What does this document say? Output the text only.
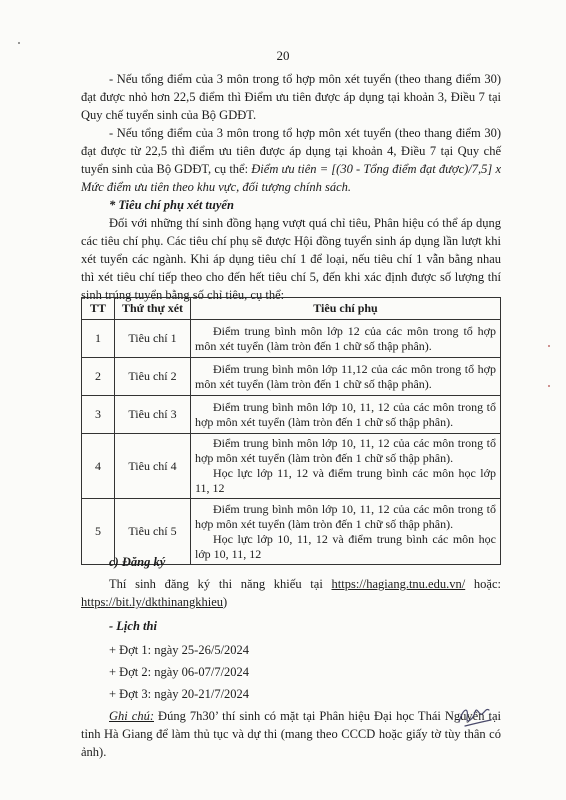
20

- Nếu tổng điểm của 3 môn trong tổ hợp môn xét tuyển (theo thang điểm 30) đạt được nhỏ hơn 22,5 điểm thì Điểm ưu tiên được áp dụng tại khoản 3, Điều 7 tại Quy chế tuyển sinh của Bộ GDĐT.

- Nếu tổng điểm của 3 môn trong tổ hợp môn xét tuyển (theo thang điểm 30) đạt được từ 22,5 thì điểm ưu tiên được áp dụng tại khoản 4, Điều 7 tại Quy chế tuyển sinh của Bộ GDĐT, cụ thể: Điểm ưu tiên = [(30 - Tổng điểm đạt được)/7,5] x Mức điểm ưu tiên theo khu vực, đối tượng chính sách.

* Tiêu chí phụ xét tuyển

Đối với những thí sinh đồng hạng vượt quá chỉ tiêu, Phân hiệu có thể áp dụng các tiêu chí phụ. Các tiêu chí phụ sẽ được Hội đồng tuyển sinh áp dụng lần lượt khi xét tuyển các ngành. Khi áp dụng tiêu chí 1 để loại, nếu tiêu chí 1 vẫn bằng nhau thì xét tiêu chí tiếp theo cho đến hết tiêu chí 5, đến khi xác định được số lượng thí sinh trúng tuyển bằng số chỉ tiêu, cụ thể:

TT	Thứ thự xét	Tiêu chí phụ
1	Tiêu chí 1	Điểm trung bình môn lớp 12 của các môn trong tổ hợp môn xét tuyển (làm tròn đến 1 chữ số thập phân).

2	Tiêu chí 2	Điểm trung bình môn lớp 11,12 của các môn trong tổ hợp môn xét tuyển (làm tròn đến 1 chữ số thập phân).

3	Tiêu chí 3	Điểm trung bình môn lớp 10, 11, 12 của các môn trong tổ hợp môn xét tuyển (làm tròn đến 1 chữ số thập phân).

4	Tiêu chí 4	Điểm trung bình môn lớp 10, 11, 12 của các môn trong tổ hợp môn xét tuyển (làm tròn đến 1 chữ số thập phân).
Học lực lớp 11, 12 và điểm trung bình các môn học lớp 11, 12

5	Tiêu chí 5	Điểm trung bình môn lớp 10, 11, 12 của các môn trong tổ hợp môn xét tuyển (làm tròn đến 1 chữ số thập phân).
Học lực lớp 10, 11, 12 và điểm trung bình các môn học lớp 10, 11, 12

c) Đăng ký

Thí sinh đăng ký thi năng khiếu tại https://hagiang.tnu.edu.vn/ hoặc: https://bit.ly/dkthinangkhieu)

- Lịch thi

+ Đợt 1: ngày 25-26/5/2024

+ Đợt 2: ngày 06-07/7/2024

+ Đợt 3: ngày 20-21/7/2024

Ghi chú: Đúng 7h30’ thí sinh có mặt tại Phân hiệu Đại học Thái Nguyên tại tỉnh Hà Giang để làm thủ tục và dự thi (mang theo CCCD hoặc giấy tờ tùy thân có ảnh).
